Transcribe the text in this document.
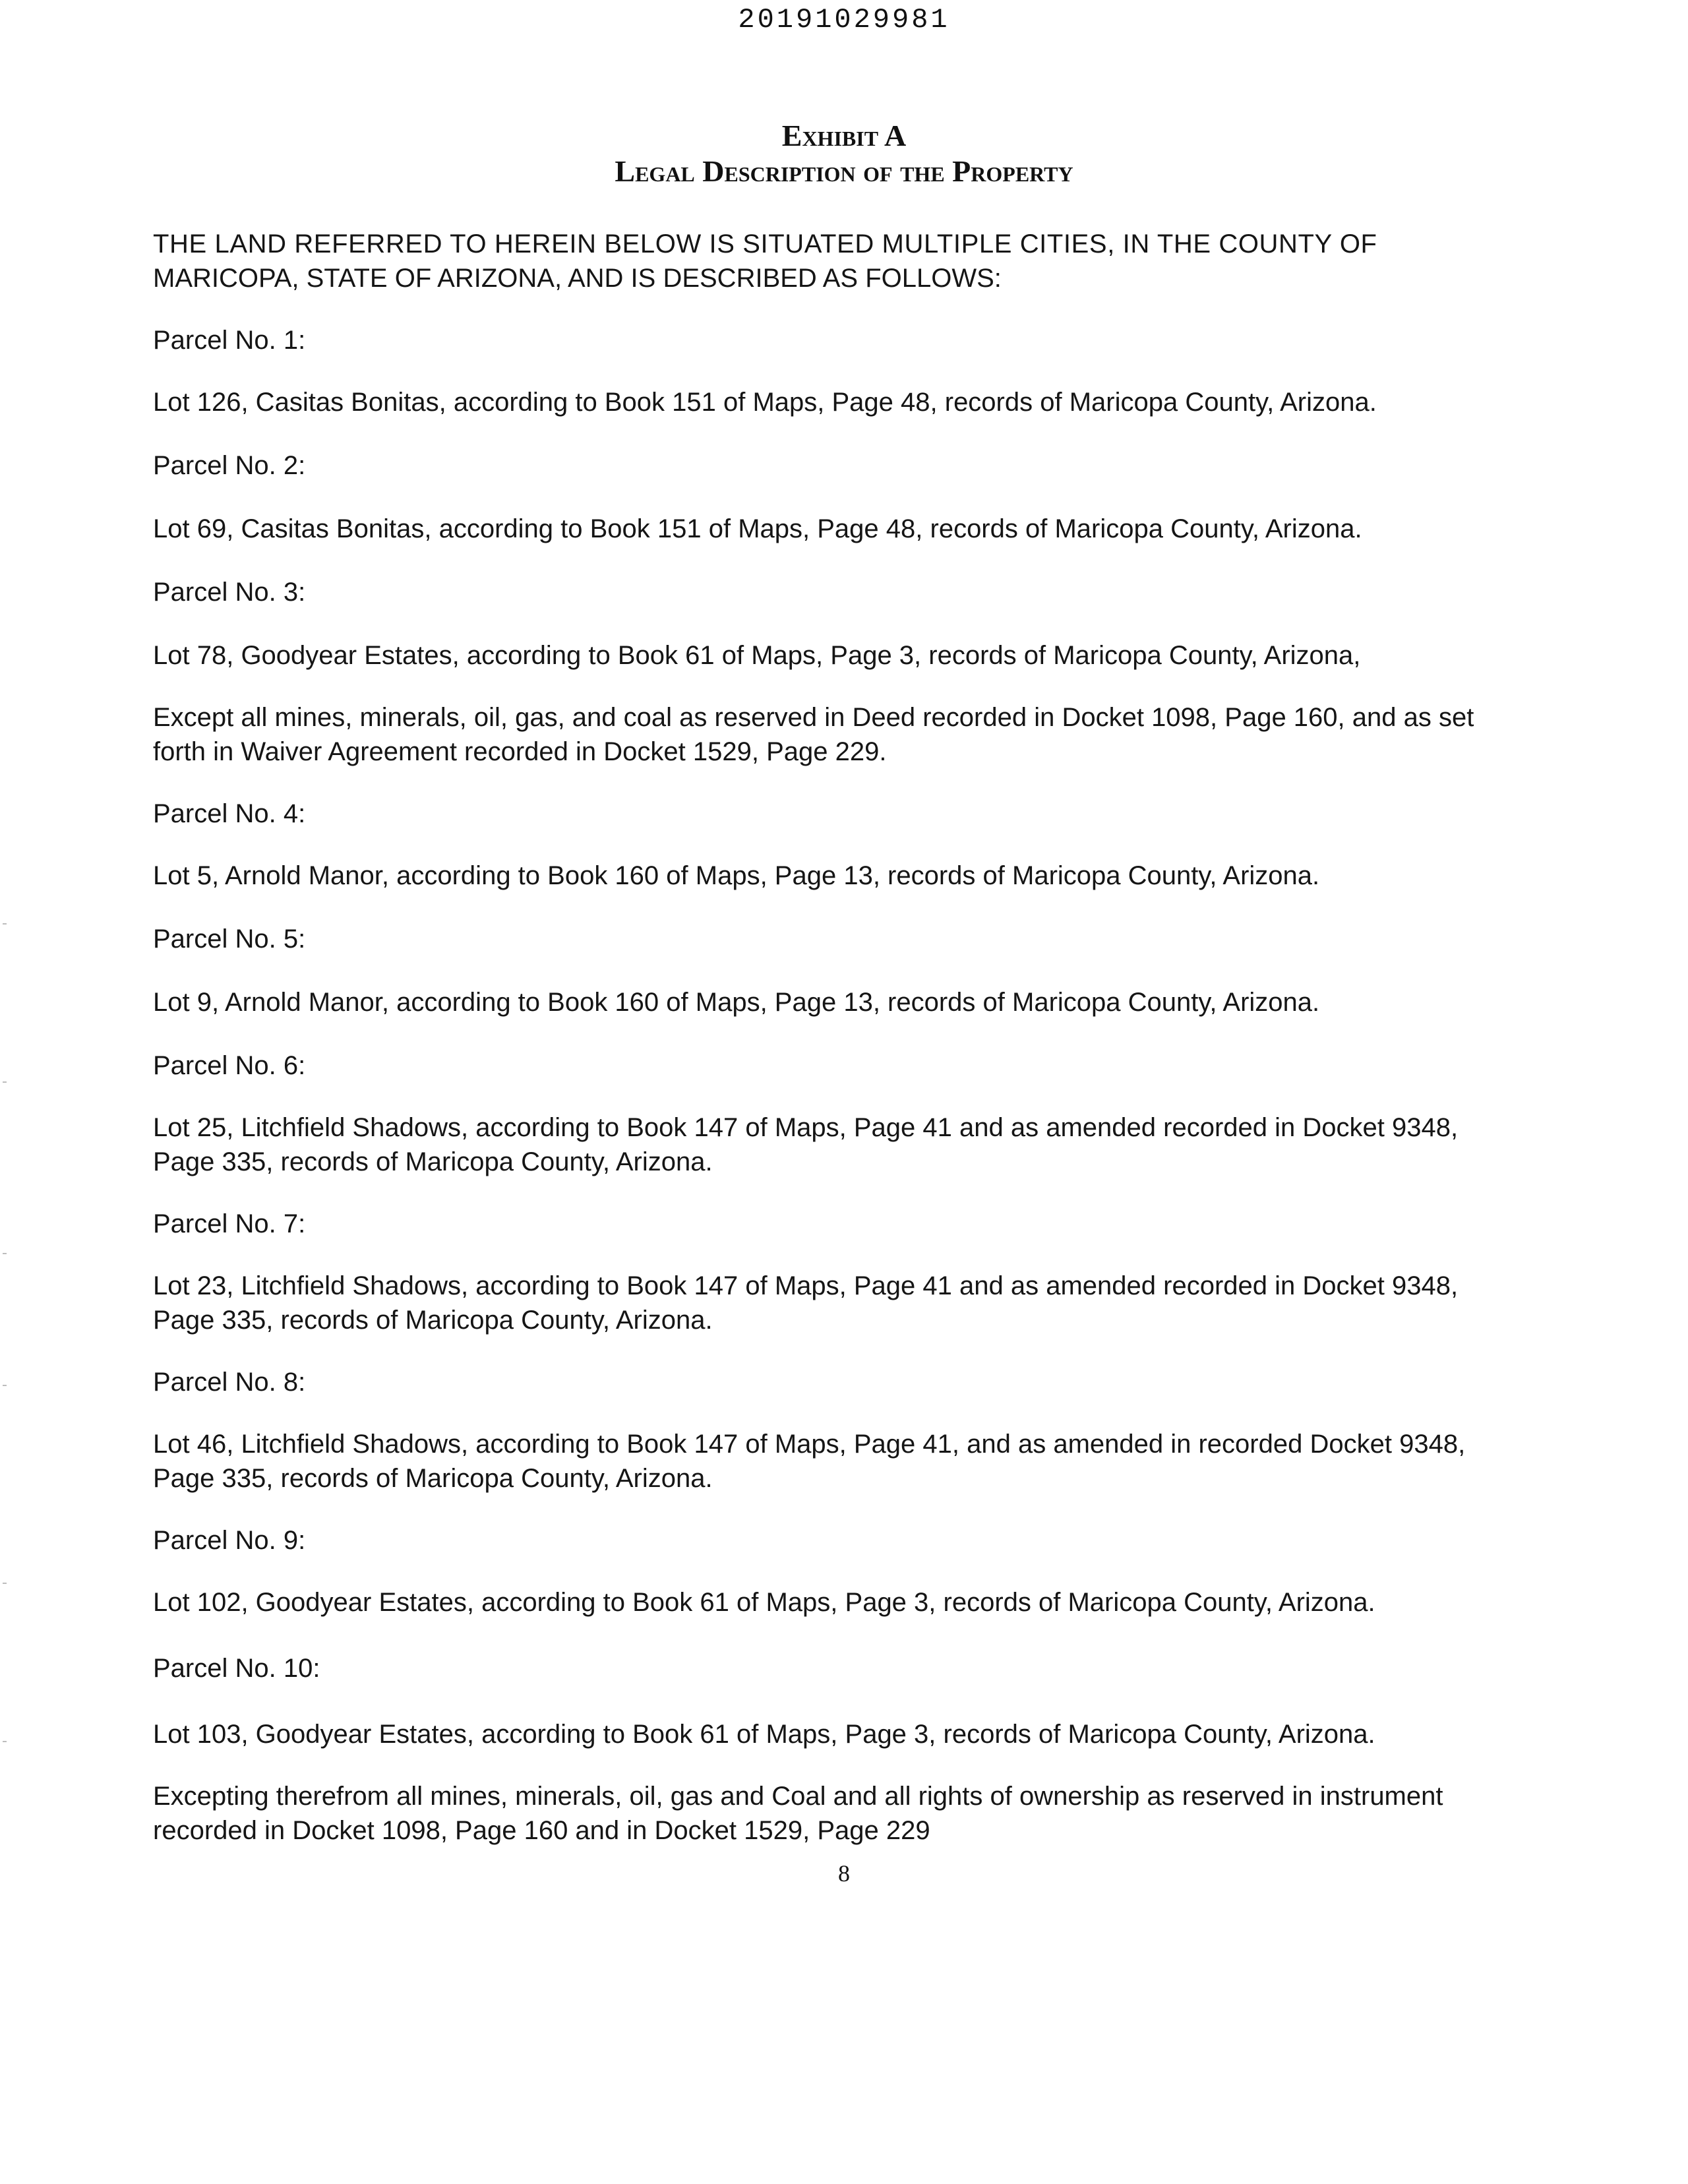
20191029981
Exhibit A
Legal Description of the Property
THE LAND REFERRED TO HEREIN BELOW IS SITUATED MULTIPLE CITIES, IN THE COUNTY OF
MARICOPA, STATE OF ARIZONA, AND IS DESCRIBED AS FOLLOWS:
Parcel No. 1:
Lot 126, Casitas Bonitas, according to Book 151 of Maps, Page 48, records of Maricopa County, Arizona.
Parcel No. 2:
Lot 69, Casitas Bonitas, according to Book 151 of Maps, Page 48, records of Maricopa County, Arizona.
Parcel No. 3:
Lot 78, Goodyear Estates, according to Book 61 of Maps, Page 3, records of Maricopa County, Arizona,
Except all mines, minerals, oil, gas, and coal as reserved in Deed recorded in Docket 1098, Page 160, and as set
forth in Waiver Agreement recorded in Docket 1529, Page 229.
Parcel No. 4:
Lot 5, Arnold Manor, according to Book 160 of Maps, Page 13, records of Maricopa County, Arizona.
Parcel No. 5:
Lot 9, Arnold Manor, according to Book 160 of Maps, Page 13, records of Maricopa County, Arizona.
Parcel No. 6:
Lot 25, Litchfield Shadows, according to Book 147 of Maps, Page 41 and as amended recorded in Docket 9348,
Page 335, records of Maricopa County, Arizona.
Parcel No. 7:
Lot 23, Litchfield Shadows, according to Book 147 of Maps, Page 41 and as amended recorded in Docket 9348,
Page 335, records of Maricopa County, Arizona.
Parcel No. 8:
Lot 46, Litchfield Shadows, according to Book 147 of Maps, Page 41, and as amended in recorded Docket 9348,
Page 335, records of Maricopa County, Arizona.
Parcel No. 9:
Lot 102, Goodyear Estates, according to Book 61 of Maps, Page 3, records of Maricopa County, Arizona.
Parcel No. 10:
Lot 103, Goodyear Estates, according to Book 61 of Maps, Page 3, records of Maricopa County, Arizona.
Excepting therefrom all mines, minerals, oil, gas and Coal and all rights of ownership as reserved in instrument
recorded in Docket 1098, Page 160 and in Docket 1529, Page 229
8
